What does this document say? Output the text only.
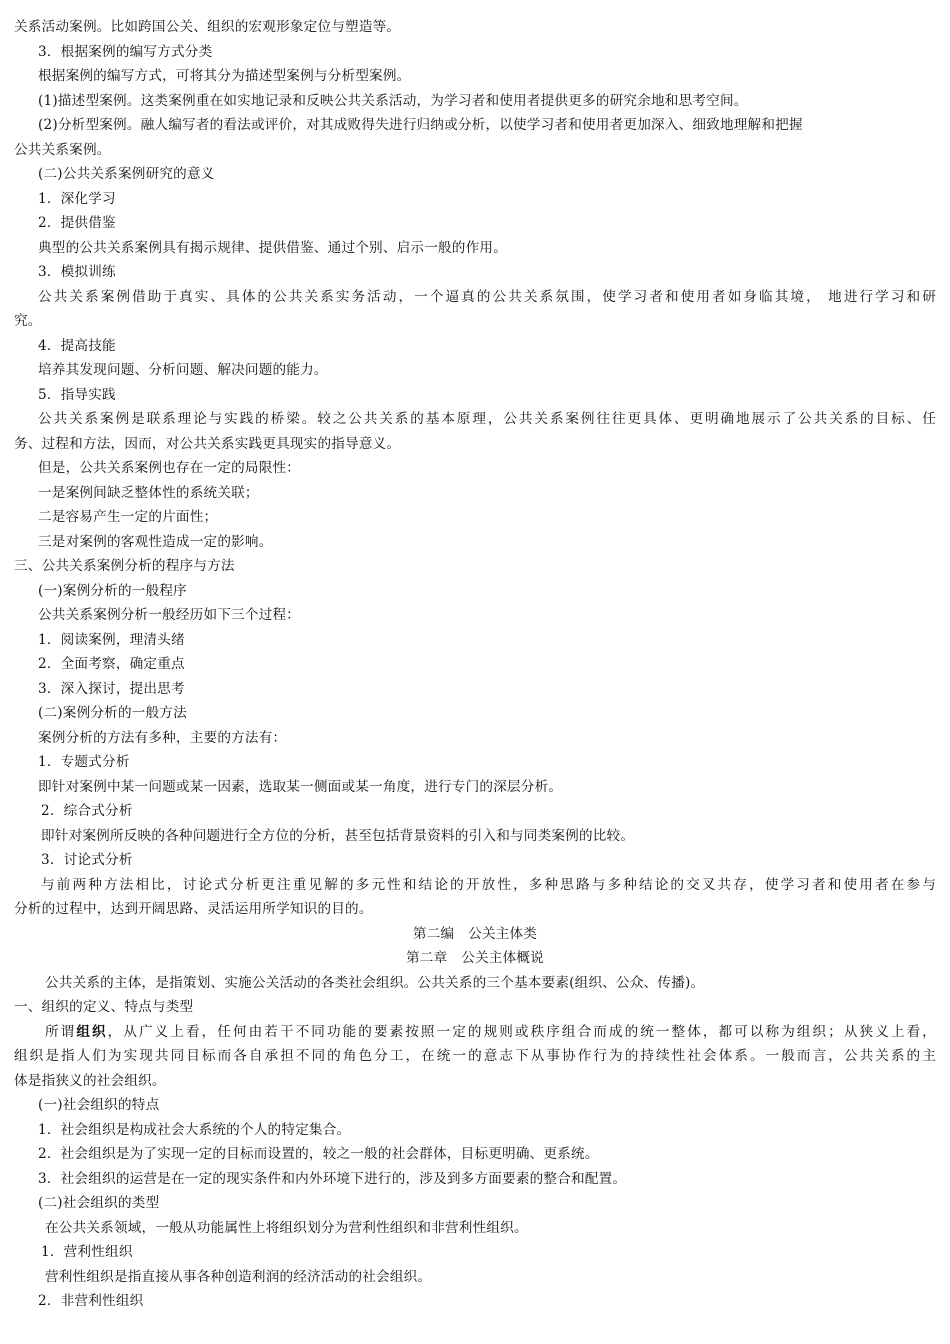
关系活动案例。比如跨国公关、组织的宏观形象定位与塑造等。
3．根据案例的编写方式分类
根据案例的编写方式，可将其分为描述型案例与分析型案例。
(1)描述型案例。这类案例重在如实地记录和反映公共关系活动，为学习者和使用者提供更多的研究余地和思考空间。
(2)分析型案例。融人编写者的看法或评价，对其成败得失进行归纳或分析，以使学习者和使用者更加深入、细致地理解和把握
公共关系案例。
(二)公共关系案例研究的意义
1．深化学习
2．提供借鉴
典型的公共关系案例具有揭示规律、提供借鉴、通过个别、启示一般的作用。
3．模拟训练
公共关系案例借助于真实、具体的公共关系实务活动，一个逼真的公共关系氛围，使学习者和使用者如身临其境， 地进行学习和研
究。
4．提高技能
培养其发现问题、分析问题、解决问题的能力。
5．指导实践
公共关系案例是联系理论与实践的桥梁。较之公共关系的基本原理，公共关系案例往往更具体、更明确地展示了公共关系的目标、任
务、过程和方法，因而，对公共关系实践更具现实的指导意义。
但是，公共关系案例也存在一定的局限性：
一是案例间缺乏整体性的系统关联；
二是容易产生一定的片面性；
三是对案例的客观性造成一定的影响。
三、公共关系案例分析的程序与方法
(一)案例分析的一般程序
公共关系案例分析一般经历如下三个过程：
1．阅读案例，理清头绪
2．全面考察，确定重点
3．深入探讨，提出思考
(二)案例分析的一般方法
案例分析的方法有多种，主要的方法有：
1．专题式分析
即针对案例中某一问题或某一因素，选取某一侧面或某一角度，进行专门的深层分析。
2．综合式分析
即针对案例所反映的各种问题进行全方位的分析，甚至包括背景资料的引入和与同类案例的比较。
3．讨论式分析
与前两种方法相比，讨论式分析更注重见解的多元性和结论的开放性，多种思路与多种结论的交叉共存，使学习者和使用者在参与
分析的过程中，达到开阔思路、灵活运用所学知识的目的。
第二编　公关主体类
第二章　公关主体概说
公共关系的主体，是指策划、实施公关活动的各类社会组织。公共关系的三个基本要素(组织、公众、传播)。
一、组织的定义、特点与类型
所谓组织，从广义上看，任何由若干不同功能的要素按照一定的规则或秩序组合而成的统一整体，都可以称为组织；从狭义上看，
组织是指人们为实现共同目标而各自承担不同的角色分工，在统一的意志下从事协作行为的持续性社会体系。一般而言，公共关系的主
体是指狭义的社会组织。
(一)社会组织的特点
1．社会组织是构成社会大系统的个人的特定集合。
2．社会组织是为了实现一定的目标而设置的，较之一般的社会群体，目标更明确、更系统。
3．社会组织的运营是在一定的现实条件和内外环境下进行的，涉及到多方面要素的整合和配置。
(二)社会组织的类型
在公共关系领域，一般从功能属性上将组织划分为营利性组织和非营利性组织。
1．营利性组织
营利性组织是指直接从事各种创造利润的经济活动的社会组织。
2．非营利性组织
